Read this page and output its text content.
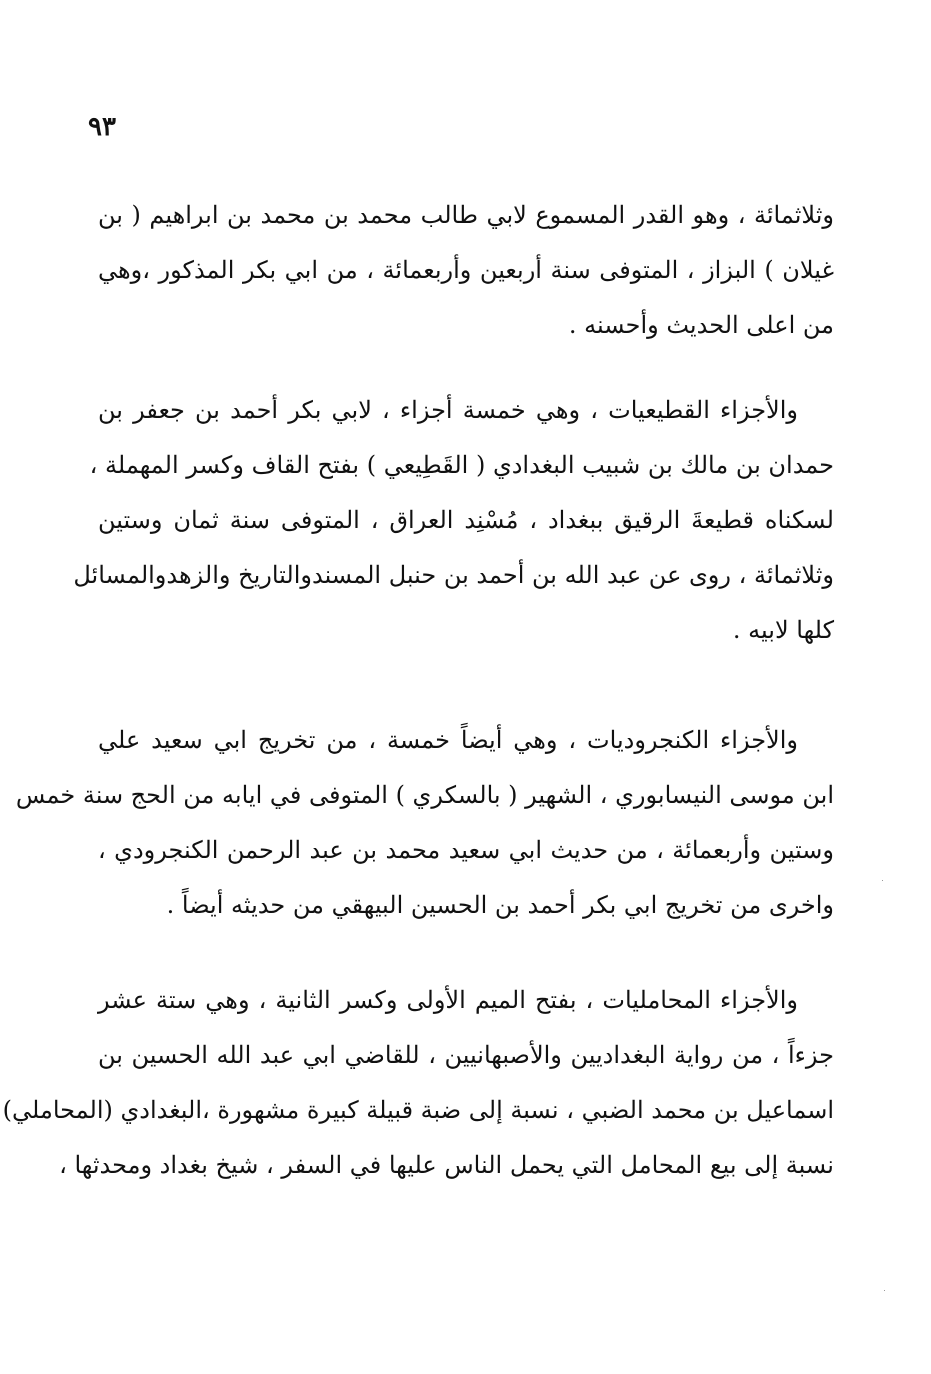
٩٣
وثلاثمائة ، وهو القدر المسموع لابي طالب محمد بن محمد بن ابراهيم ( بن
غيلان ) البزاز ، المتوفى سنة أربعين وأربعمائة ، من ابي بكر المذكور ،وهي
من اعلى الحديث وأحسنه .
والأجزاء القطيعيات ، وهي خمسة أجزاء ، لابي بكر أحمد بن جعفر بن
حمدان بن مالك بن شبيب البغدادي ( القَطِيعي ) بفتح القاف وكسر المهملة ،
لسكناه قطيعةَ الرقيق ببغداد ، مُسْنِد العراق ، المتوفى سنة ثمان وستين
وثلاثمائة ، روى عن عبد الله بن أحمد بن حنبل المسندوالتاريخ والزهدوالمسائل
كلها لابيه .
والأجزاء الكنجروديات ، وهي أيضاً خمسة ، من تخريج ابي سعيد علي
ابن موسى النيسابوري ، الشهير ( بالسكري ) المتوفى في ايابه من الحج سنة خمس
وستين وأربعمائة ، من حديث ابي سعيد محمد بن عبد الرحمن الكنجرودي ،
واخرى من تخريج ابي بكر أحمد بن الحسين البيهقي من حديثه أيضاً .
والأجزاء المحامليات ، بفتح الميم الأولى وكسر الثانية ، وهي ستة عشر
جزءاً ، من رواية البغداديين والأصبهانيين ، للقاضي ابي عبد الله الحسين بن
اسماعيل بن محمد الضبي ، نسبة إلى ضبة قبيلة كبيرة مشهورة ،البغدادي (المحاملي)
نسبة إلى بيع المحامل التي يحمل الناس عليها في السفر ، شيخ بغداد ومحدثها ،
